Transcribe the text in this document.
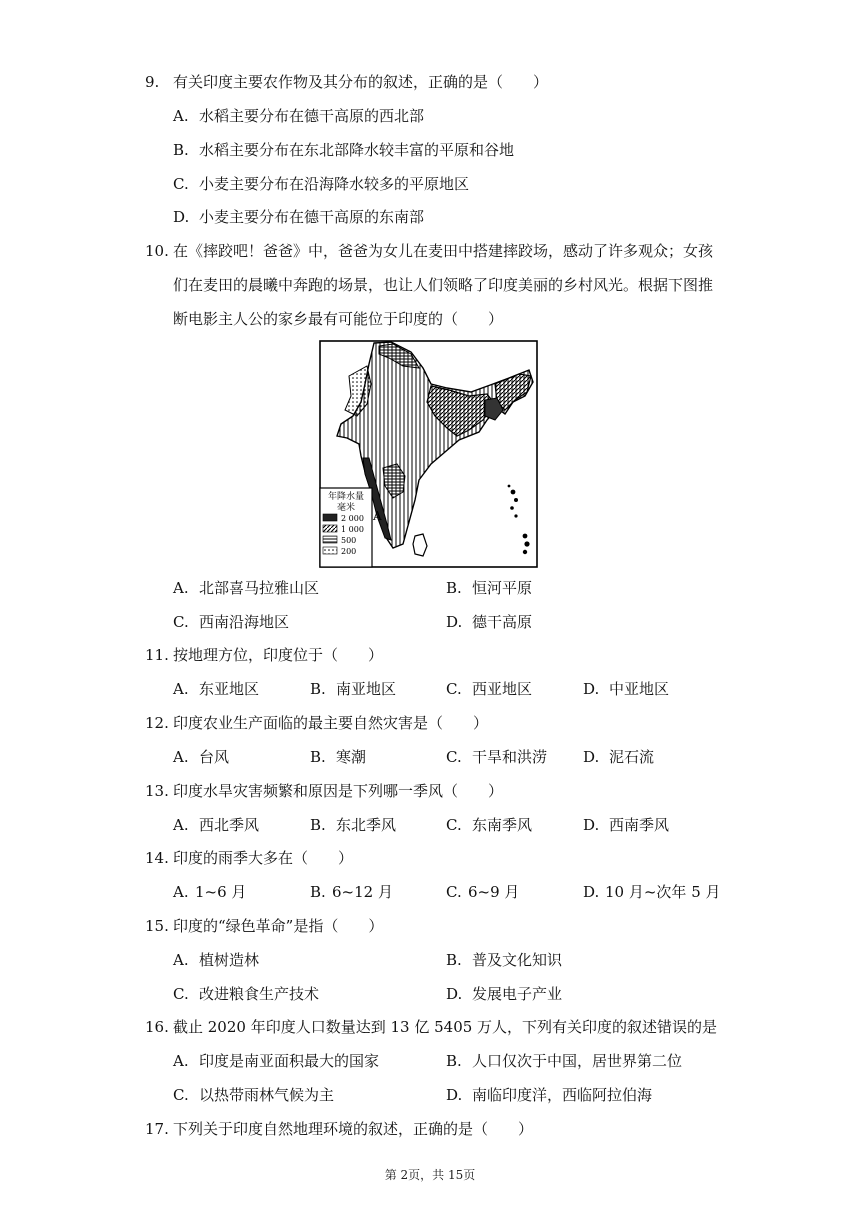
9. 有关印度主要农作物及其分布的叙述，正确的是（　　）
A. 水稻主要分布在德干高原的西北部
B. 水稻主要分布在东北部降水较丰富的平原和谷地
C. 小麦主要分布在沿海降水较多的平原地区
D. 小麦主要分布在德干高原的东南部
10. 在《摔跤吧！爸爸》中，爸爸为女儿在麦田中搭建摔跤场，感动了许多观众；女孩
们在麦田的晨曦中奔跑的场景，也让人们领略了印度美丽的乡村风光。根据下图推
断电影主人公的家乡最有可能位于印度的（　　）
年降水量
毫米
2 000
1 000
500
200
A
A. 北部喜马拉雅山区	B. 恒河平原
C. 西南沿海地区	D. 德干高原
11. 按地理方位，印度位于（　　）
A. 东亚地区	B. 南亚地区	C. 西亚地区	D. 中亚地区
12. 印度农业生产面临的最主要自然灾害是（　　）
A. 台风	B. 寒潮	C. 干旱和洪涝 D. 泥石流
13. 印度水旱灾害频繁和原因是下列哪一季风（　　）
A. 西北季风	B. 东北季风	C. 东南季风	D. 西南季风
14. 印度的雨季大多在（　　）
A. 1~6 月	B. 6~12 月	C. 6~9 月	D. 10 月~次年 5 月
15. 印度的“绿色革命”是指（　　）
A. 植树造林	B. 普及文化知识
C. 改进粮食生产技术	D. 发展电子产业
16. 截止 2020 年印度人口数量达到 13 亿 5405 万人，下列有关印度的叙述错误的是
A. 印度是南亚面积最大的国家	B. 人口仅次于中国，居世界第二位
C. 以热带雨林气候为主	D. 南临印度洋，西临阿拉伯海
17. 下列关于印度自然地理环境的叙述，正确的是（　　）
第 2页，共 15页
